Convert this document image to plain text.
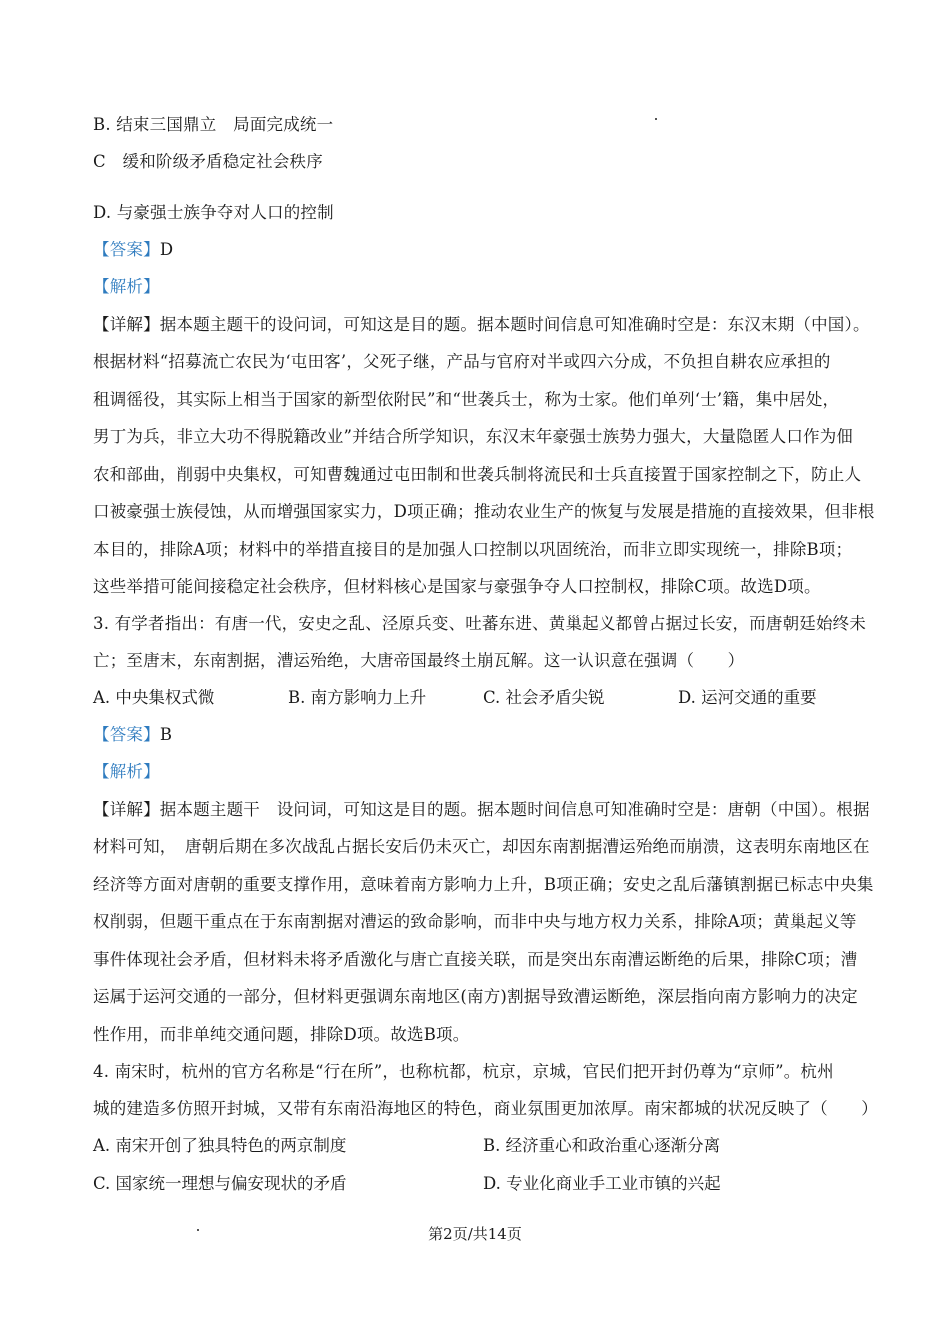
B. 结束三国鼎立　局面完成统一
C　缓和阶级矛盾稳定社会秩序
D. 与豪强士族争夺对人口的控制
【答案】D
【解析】
【详解】据本题主题干的设问词，可知这是目的题。据本题时间信息可知准确时空是：东汉末期（中国）。
根据材料“招募流亡农民为‘屯田客’，父死子继，产品与官府对半或四六分成，不负担自耕农应承担的
租调徭役，其实际上相当于国家的新型依附民”和“世袭兵士，称为士家。他们单列‘士’籍，集中居处，
男丁为兵，非立大功不得脱籍改业”并结合所学知识，东汉末年豪强士族势力强大，大量隐匿人口作为佃
农和部曲，削弱中央集权，可知曹魏通过屯田制和世袭兵制将流民和士兵直接置于国家控制之下，防止人
口被豪强士族侵蚀，从而增强国家实力，D项正确；推动农业生产的恢复与发展是措施的直接效果，但非根
本目的，排除A项；材料中的举措直接目的是加强人口控制以巩固统治，而非立即实现统一，排除B项；
这些举措可能间接稳定社会秩序，但材料核心是国家与豪强争夺人口控制权，排除C项。故选D项。
3. 有学者指出：有唐一代，安史之乱、泾原兵变、吐蕃东进、黄巢起义都曾占据过长安，而唐朝廷始终未
亡；至唐末，东南割据，漕运殆绝，大唐帝国最终土崩瓦解。这一认识意在强调（　　）
A. 中央集权式微	B. 南方影响力上升	C. 社会矛盾尖锐	D. 运河交通的重要
【答案】B
【解析】
【详解】据本题主题干　设问词，可知这是目的题。据本题时间信息可知准确时空是：唐朝（中国）。根据
材料可知，　唐朝后期在多次战乱占据长安后仍未灭亡，却因东南割据漕运殆绝而崩溃，这表明东南地区在
经济等方面对唐朝的重要支撑作用，意味着南方影响力上升，B项正确；安史之乱后藩镇割据已标志中央集
权削弱，但题干重点在于东南割据对漕运的致命影响，而非中央与地方权力关系，排除A项；黄巢起义等
事件体现社会矛盾，但材料未将矛盾激化与唐亡直接关联，而是突出东南漕运断绝的后果，排除C项；漕
运属于运河交通的一部分，但材料更强调东南地区(南方)割据导致漕运断绝，深层指向南方影响力的决定
性作用，而非单纯交通问题，排除D项。故选B项。
4. 南宋时，杭州的官方名称是“行在所”，也称杭都，杭京，京城，官民们把开封仍尊为“京师”。杭州
城的建造多仿照开封城，又带有东南沿海地区的特色，商业氛围更加浓厚。南宋都城的状况反映了（　　）
A. 南宋开创了独具特色的两京制度	B. 经济重心和政治重心逐渐分离
C. 国家统一理想与偏安现状的矛盾	D. 专业化商业手工业市镇的兴起
第2页/共14页
